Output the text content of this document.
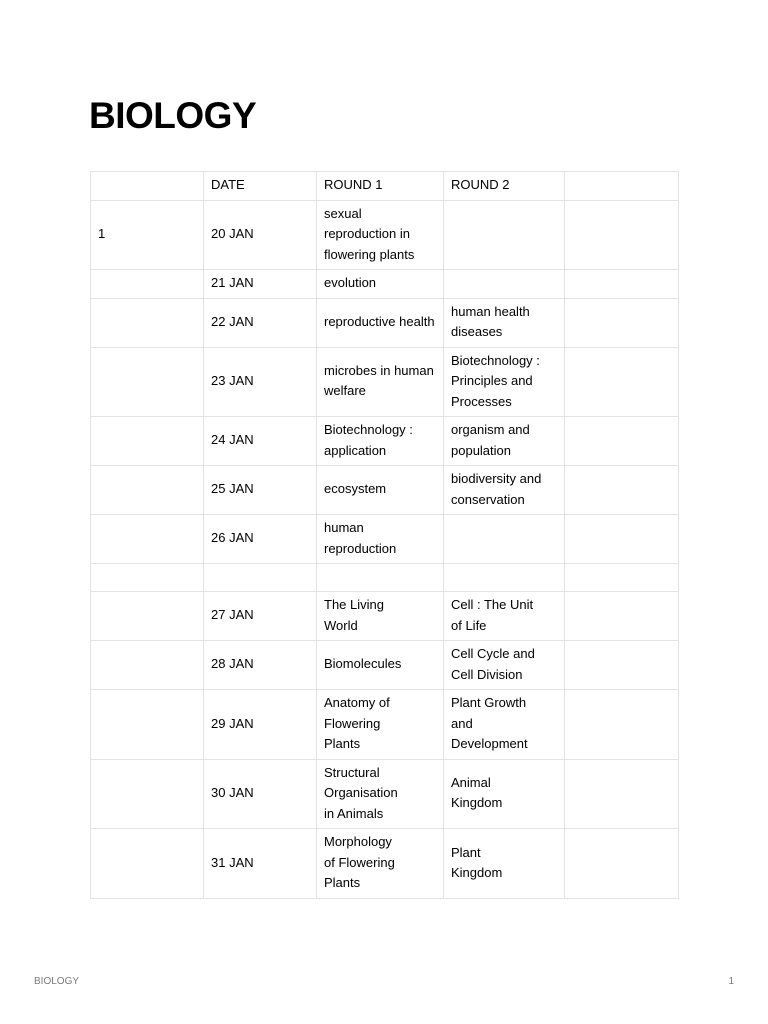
BIOLOGY
	DATE	ROUND 1	ROUND 2	
1	20 JAN	sexual
reproduction in
flowering plants		
	21 JAN	evolution		
	22 JAN	reproductive health	human health
diseases	
	23 JAN	microbes in human
welfare	Biotechnology :
Principles and
Processes	
	24 JAN	Biotechnology :
application	organism and
population	
	25 JAN	ecosystem	biodiversity and
conservation	
	26 JAN	human
reproduction		

	27 JAN	The Living
World	Cell : The Unit
of Life	
	28 JAN	Biomolecules	Cell Cycle and
Cell Division	
	29 JAN	Anatomy of
Flowering
Plants	Plant Growth
and
Development	
	30 JAN	Structural
Organisation
in Animals	Animal
Kingdom	
	31 JAN	Morphology
of Flowering
Plants	Plant
Kingdom	
BIOLOGY	1
